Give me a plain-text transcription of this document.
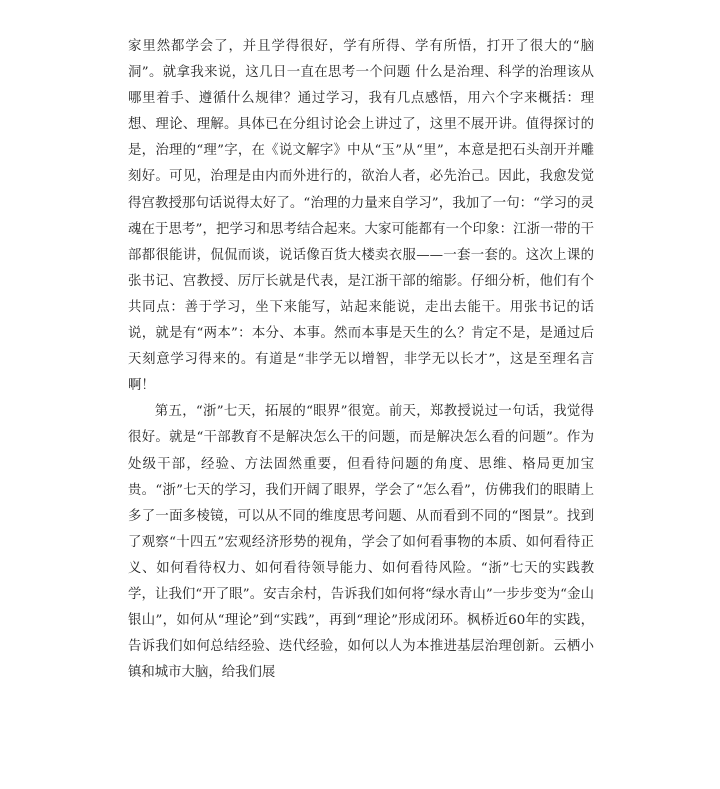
家里然都学会了，并且学得很好，学有所得、学有所悟，打开了很大的“脑洞”。就拿我来说，这几日一直在思考一个问题 什么是治理、科学的治理该从哪里着手、遵循什么规律？通过学习，我有几点感悟，用六个字来概括：理想、理论、理解。具体已在分组讨论会上讲过了，这里不展开讲。值得探讨的是，治理的“理”字，在《说文解字》中从“玉”从“里”，本意是把石头剖开并雕刻好。可见，治理是由内而外进行的，欲治人者，必先治己。因此，我愈发觉得宫教授那句话说得太好了。“治理的力量来自学习”，我加了一句：“学习的灵魂在于思考”，把学习和思考结合起来。大家可能都有一个印象：江浙一带的干部都很能讲，侃侃而谈，说话像百货大楼卖衣服——一套一套的。这次上课的张书记、宫教授、厉厅长就是代表，是江浙干部的缩影。仔细分析，他们有个共同点：善于学习，坐下来能写，站起来能说，走出去能干。用张书记的话说，就是有“两本”：本分、本事。然而本事是天生的么？肯定不是，是通过后天刻意学习得来的。有道是“非学无以增智，非学无以长才”，这是至理名言啊！

第五，“浙”七天，拓展的“眼界”很宽。前天，郑教授说过一句话，我觉得很好。就是“干部教育不是解决怎么干的问题，而是解决怎么看的问题”。作为处级干部，经验、方法固然重要，但看待问题的角度、思维、格局更加宝贵。“浙”七天的学习，我们开阔了眼界，学会了“怎么看”，仿佛我们的眼睛上多了一面多棱镜，可以从不同的维度思考问题、从而看到不同的“图景”。找到了观察“十四五”宏观经济形势的视角，学会了如何看事物的本质、如何看待正义、如何看待权力、如何看待领导能力、如何看待风险。“浙”七天的实践教学，让我们“开了眼”。安吉余村，告诉我们如何将“绿水青山”一步步变为“金山银山”，如何从“理论”到“实践”，再到“理论”形成闭环。枫桥近60年的实践，告诉我们如何总结经验、迭代经验，如何以人为本推进基层治理创新。云栖小镇和城市大脑，给我们展
